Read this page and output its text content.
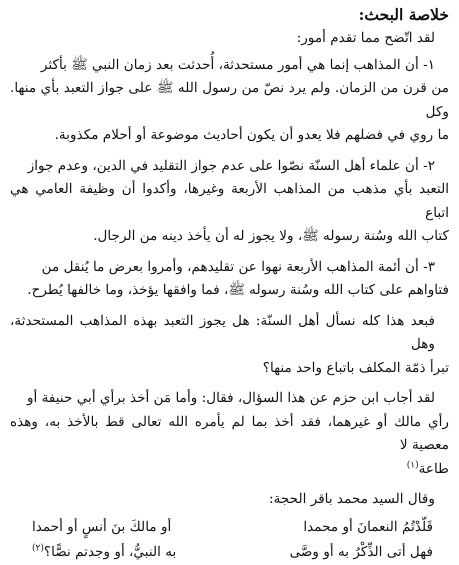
خلاصة البحث:

لقد اتّضح مما تقدم أمور:

١- أن المذاهب إنما هي أمور مستحدثة، أُحدثت بعد زمان النبي ﷺ بأكثر

من قرن من الزمان. ولم يرد نصّ من رسول الله ﷺ على جواز التعبد بأي منها. وكل

ما روي في فضلهم فلا يعدو أن يكون أحاديث موضوعة أو أحلام مكذوبة.

٢- أن علماء أهل السنّة نصّوا على عدم جواز التقليد في الدين، وعدم جواز

التعبد بأي مذهب من المذاهب الأربعة وغيرها، وأكدوا أن وظيفة العامي هي اتباع

كتاب الله وسُنة رسوله ﷺ، ولا يجوز له أن يأخذ دينه من الرجال.

٣- أن أئمة المذاهب الأربعة نهوا عن تقليدهم، وأمروا بعرض ما يُنقل من

فتاواهم على كتاب الله وسُنة رسوله ﷺ، فما وافقها يؤخذ، وما خالفها يُطرح.

فبعد هذا كله نسأل أهل السنّة: هل يجوز التعبد بهذه المذاهب المستحدثة، وهل

تبرأ ذمّة المكلف باتباع واحد منها؟

لقد أجاب ابن حزم عن هذا السؤال، فقال: وأما مَن أخذ برأي أبي حنيفة أو

رأي مالك أو غيرهما، فقد أخذ بما لم يأمره الله تعالى قط بالأخذ به، وهذه معصية لا

طاعة$^{(١)}$

وقال السيد محمد باقر الحجة:

قَلّدْتُمُ النعمانَ أو محمدا
أو مالكَ بنَ أنسٍ أو أحمدا
فهل أتى الذِّكْرُ به أو وصَّى
به النبيُّ، أو وجدتم نصًّا؟$^{(٢)}$
